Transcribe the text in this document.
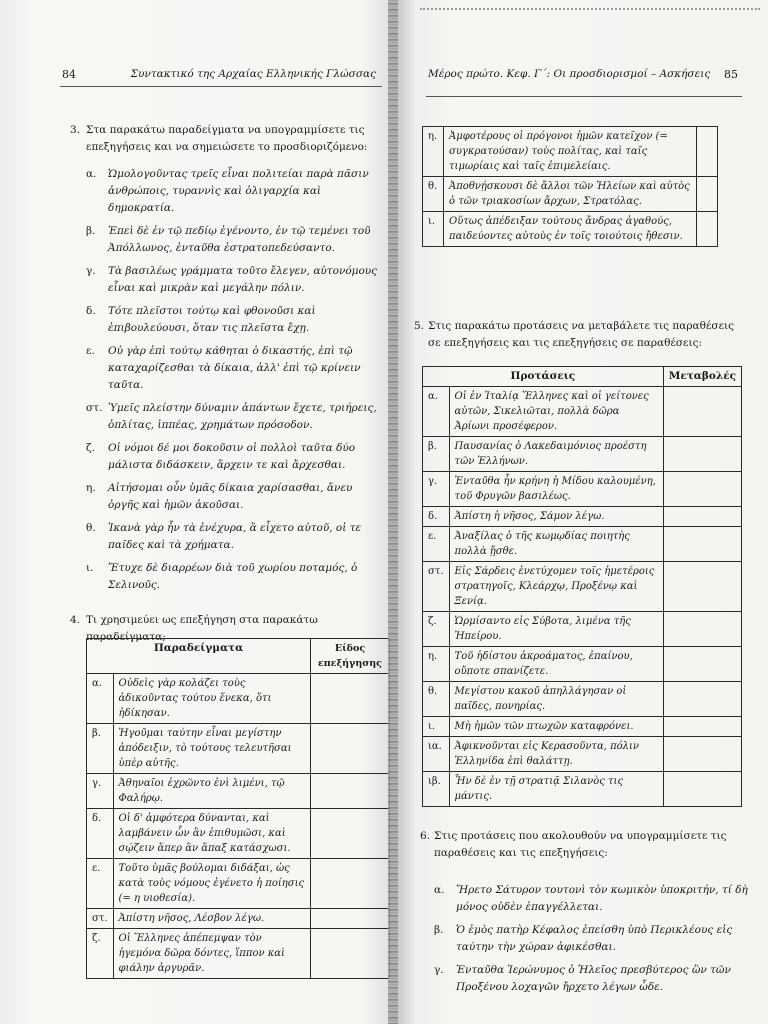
84	Συντακτικό της Αρχαίας Ελληνικής Γλώσσας
3. Στα παρακάτω παραδείγματα να υπογραμμίσετε τις επεξηγήσεις και να σημειώσετε το προσδιοριζόμενο:
α. Ὡμολογοῦντας τρεῖς εἶναι πολιτείαι παρὰ πᾶσιν ἀνθρώποις, τυραννὶς καὶ ὀλιγαρχία καὶ δημοκρατία.
β. Ἐπεὶ δὲ ἐν τῷ πεδίῳ ἐγένοντο, ἐν τῷ τεμένει τοῦ Ἀπόλλωνος, ἐνταῦθα ἐστρατοπεδεύσαντο.
γ. Τὰ βασιλέως γράμματα τοῦτο ἔλεγεν, αὐτονόμους εἶναι καὶ μικρὰν καὶ μεγάλην πόλιν.
δ. Τότε πλεῖστοι τούτῳ καὶ φθονοῦσι καὶ ἐπιβουλεύουσι, ὅταν τις πλεῖστα ἔχῃ.
ε. Οὐ γὰρ ἐπὶ τούτῳ κάθηται ὁ δικαστής, ἐπὶ τῷ καταχαρίζεσθαι τὰ δίκαια, ἀλλ' ἐπὶ τῷ κρίνειν ταῦτα.
στ. Ὑμεῖς πλείστην δύναμιν ἁπάντων ἔχετε, τριήρεις, ὁπλίτας, ἱππέας, χρημάτων πρόσοδον.
ζ. Οἱ νόμοι δέ μοι δοκοῦσιν οἱ πολλοὶ ταῦτα δύο μάλιστα διδάσκειν, ἄρχειν τε καὶ ἄρχεσθαι.
η. Αἰτήσομαι οὖν ὑμᾶς δίκαια χαρίσασθαι, ἄνευ ὀργῆς καὶ ἡμῶν ἀκοῦσαι.
θ. Ἱκανὰ γὰρ ἦν τὰ ἐνέχυρα, ἃ εἶχετο αὐτοῦ, οἱ τε παῖδες καὶ τὰ χρήματα.
ι. Ἔτυχε δὲ διαρρέων διὰ τοῦ χωρίου ποταμός, ὁ Σελινοῦς.
4. Τι χρησιμεύει ως επεξήγηση στα παρακάτω παραδείγματα;
Παραδείγματα		Είδος επεξήγησης
α.	Οὐδεὶς γὰρ κολάζει τοὺς ἀδικοῦντας τούτου ἕνεκα, ὅτι ἠδίκησαν.	
β.	Ἡγοῦμαι ταύτην εἶναι μεγίστην ἀπόδειξιν, τὸ τούτους τελευτῆσαι ὑπὲρ αὐτῆς.	
γ.	Ἀθηναῖοι ἐχρῶντο ἑνὶ λιμένι, τῷ Φαλήρῳ.	
δ.	Οἱ δ' ἀμφότερα δύνανται, καὶ λαμβάνειν ὧν ἂν ἐπιθυμῶσι, καὶ σῴζειν ἅπερ ἂν ἅπαξ κατάσχωσι.	
ε.	Τοῦτο ὑμᾶς βούλομαι διδάξαι, ὡς κατὰ τοὺς νόμους ἐγένετο ἡ ποίησις (= η υιοθεσία).	
στ.	Ἀπίστη νῆσος, Λέσβον λέγω.	
ζ.	Οἱ Ἕλληνες ἀπέπεμψαν τὸν ἡγεμόνα δῶρα δόντες, ἵππον καὶ φιάλην ἀργυρᾶν.	
Μέρος πρώτο. Κεφ. Γ΄: Οι προσδιορισμοί – Ασκήσεις 85
η.	Ἀμφοτέρους οἱ πρόγονοι ἡμῶν κατεῖχον (= συγκρατούσαν) τοὺς πολίτας, καὶ ταῖς τιμωρίαις καὶ ταῖς ἐπιμελείαις.	
θ.	Ἀποθνῄσκουσι δὲ ἄλλοι τῶν Ἠλείων καὶ αὐτὸς ὁ τῶν τριακοσίων ἄρχων, Στρατόλας.	
ι.	Οὕτως ἀπέδειξαν τούτους ἄνδρας ἀγαθούς, παιδεύοντες αὐτοὺς ἐν τοῖς τοιούτοις ἤθεσιν.	
5. Στις παρακάτω προτάσεις να μεταβάλετε τις παραθέσεις σε επεξηγήσεις και τις επεξηγήσεις σε παραθέσεις:
Προτάσεις		Μεταβολές
α.	Οἱ ἐν Ἰταλίᾳ Ἕλληνες καὶ οἱ γείτονες αὐτῶν, Σικελιῶται, πολλὰ δῶρα Ἀρίωνι προσέφερον.	
β.	Παυσανίας ὁ Λακεδαιμόνιος προέστη τῶν Ἑλλήνων.	
γ.	Ἐνταῦθα ἦν κρήνη ἡ Μίδου καλουμένη, τοῦ Φρυγῶν βασιλέως.	
δ.	Ἀπίστη ἡ νῆσος, Σάμον λέγω.	
ε.	Ἀναξίλας ὁ τῆς κωμῳδίας ποιητὴς πολλὰ ᾔσθε.	
στ.	Εἰς Σάρδεις ἐνετύχομεν τοῖς ἡμετέροις στρατηγοῖς, Κλεάρχῳ, Προξένῳ καὶ Ξενίᾳ.	
ζ.	Ὡρμίσαντο εἰς Σύβοτα, λιμένα τῆς Ἠπείρου.	
η.	Τοῦ ἡδίστου ἀκροάματος, ἐπαίνου, οὔποτε σπανίζετε.	
θ.	Μεγίστου κακοῦ ἀπηλλάγησαν οἱ παῖδες, πονηρίας.	
ι.	Μὴ ἡμῶν τῶν πτωχῶν καταφρόνει.	
ια.	Ἀφικνοῦνται εἰς Κερασοῦντα, πόλιν Ἑλληνίδα ἐπὶ θαλάττῃ.	
ιβ.	Ἦν δὲ ἐν τῇ στρατιᾷ Σιλανὸς τις μάντις.	
6. Στις προτάσεις που ακολουθούν να υπογραμμίσετε τις παραθέσεις και τις επεξηγήσεις:
α. Ἤρετο Σάτυρον τουτονὶ τὸν κωμικὸν ὑποκριτήν, τί δὴ μόνος οὐδὲν ἐπαγγέλλεται.
β. Ὁ ἐμὸς πατὴρ Κέφαλος ἐπείσθη ὑπὸ Περικλέους εἰς ταύτην τὴν χώραν ἀφικέσθαι.
γ. Ἐνταῦθα Ἱερώνυμος ὁ Ἠλεῖος πρεσβύτερος ὢν τῶν Προξένου λοχαγῶν ἤρχετο λέγων ὧδε.
